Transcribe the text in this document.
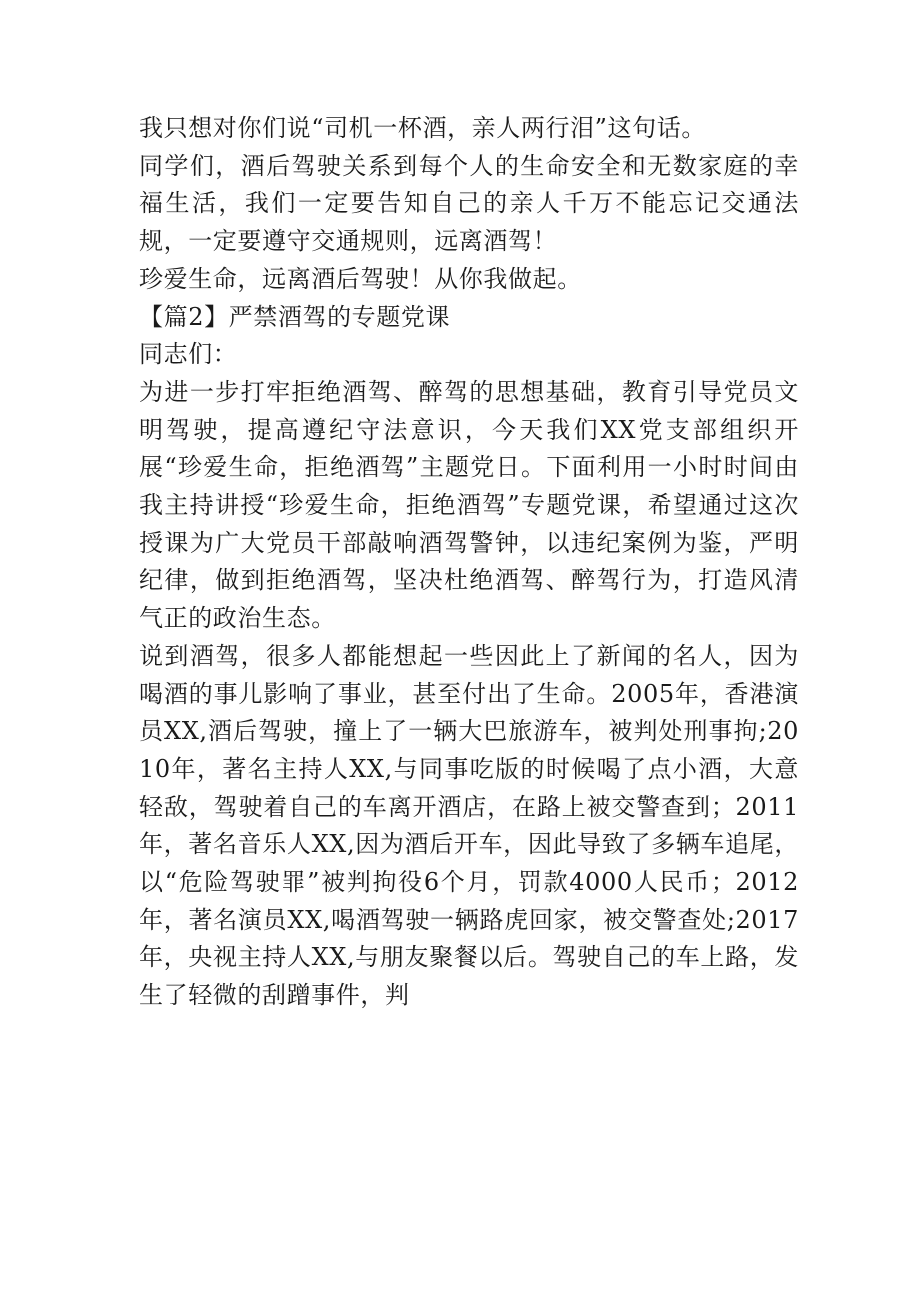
我只想对你们说“司机一杯酒，亲人两行泪”这句话。

同学们，酒后驾驶关系到每个人的生命安全和无数家庭的幸福生活，我们一定要告知自己的亲人千万不能忘记交通法规，一定要遵守交通规则，远离酒驾！

珍爱生命，远离酒后驾驶！从你我做起。

【篇2】严禁酒驾的专题党课

同志们：

为进一步打牢拒绝酒驾、醉驾的思想基础，教育引导党员文明驾驶，提高遵纪守法意识，今天我们XX党支部组织开展“珍爱生命，拒绝酒驾”主题党日。下面利用一小时时间由我主持讲授“珍爱生命，拒绝酒驾”专题党课，希望通过这次授课为广大党员干部敲响酒驾警钟，以违纪案例为鉴，严明纪律，做到拒绝酒驾，坚决杜绝酒驾、醉驾行为，打造风清气正的政治生态。

说到酒驾，很多人都能想起一些因此上了新闻的名人，因为喝酒的事儿影响了事业，甚至付出了生命。2005年，香港演员XX,酒后驾驶，撞上了一辆大巴旅游车，被判处刑事拘;2010年，著名主持人XX,与同事吃版的时候喝了点小酒，大意轻敌，驾驶着自己的车离开酒店，在路上被交警查到；2011年，著名音乐人XX,因为酒后开车，因此导致了多辆车追尾，以“危险驾驶罪”被判拘役6个月，罚款4000人民币；2012年，著名演员XX,喝酒驾驶一辆路虎回家，被交警查处;2017年，央视主持人XX,与朋友聚餐以后。驾驶自己的车上路，发生了轻微的刮蹭事件，判
